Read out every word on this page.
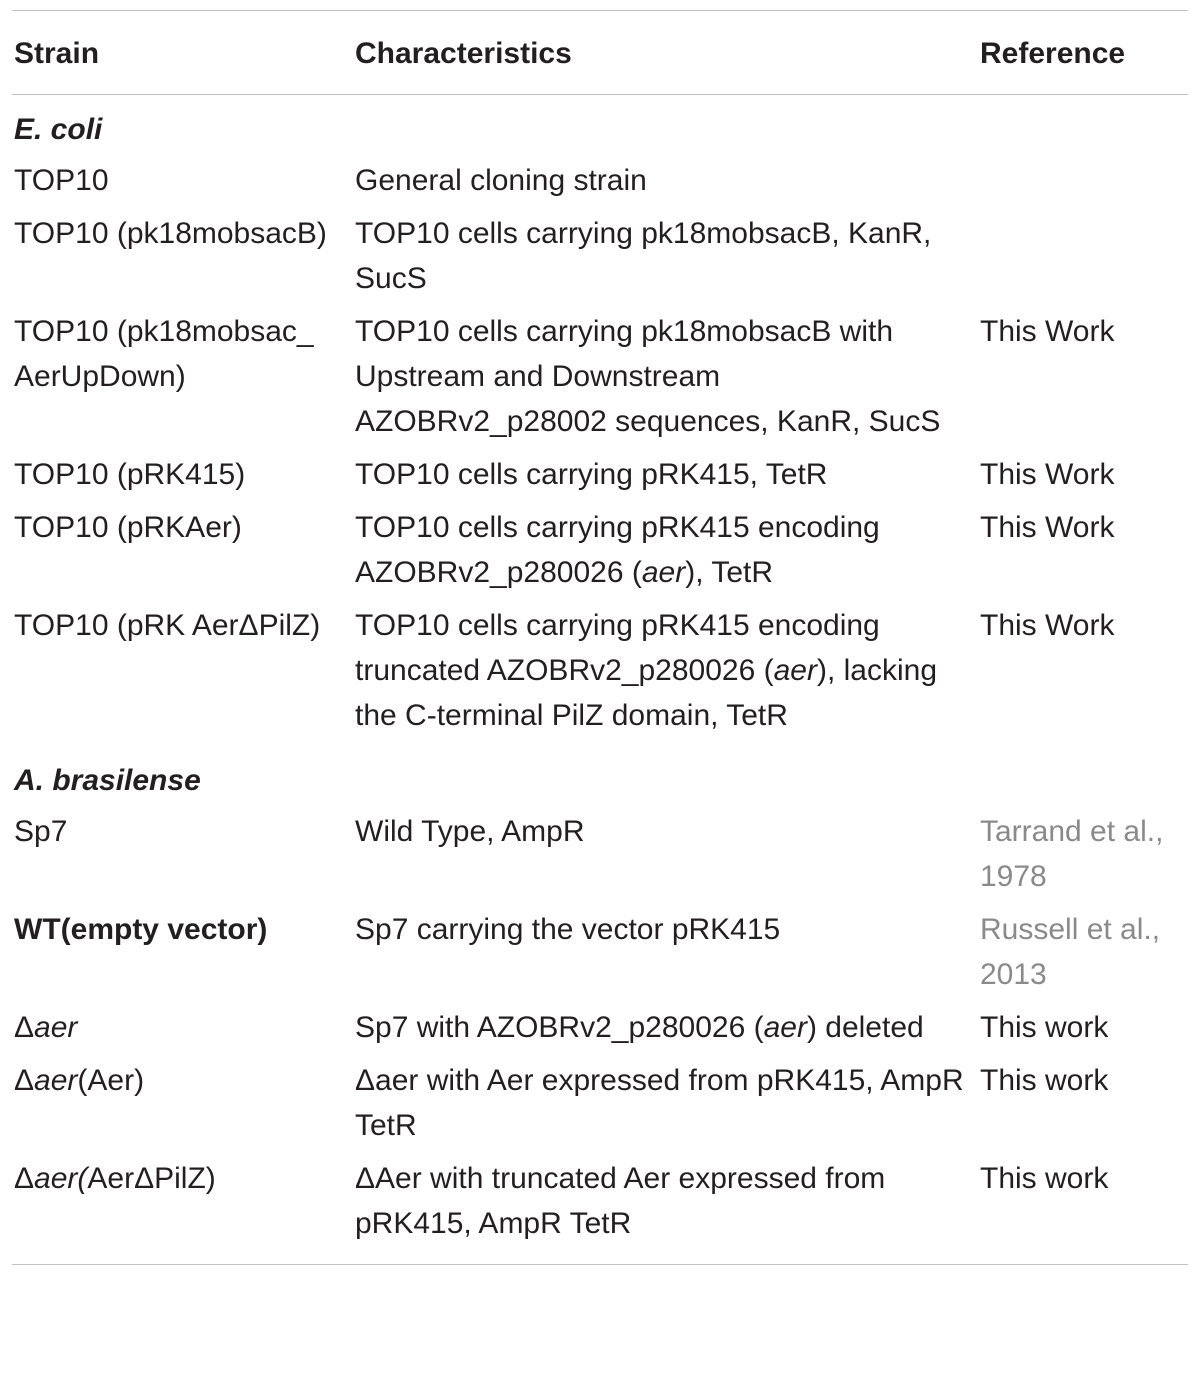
Strain	Characteristics	Reference
E. coli		
TOP10	General cloning strain	
TOP10 (pk18mobsacB)	TOP10 cells carrying pk18mobsacB, KanR, SucS	
TOP10 (pk18mobsac_ AerUpDown)	TOP10 cells carrying pk18mobsacB with Upstream and Downstream AZOBRv2_p28002 sequences, KanR, SucS	This Work
TOP10 (pRK415)	TOP10 cells carrying pRK415, TetR	This Work
TOP10 (pRKAer)	TOP10 cells carrying pRK415 encoding AZOBRv2_p280026 (aer), TetR	This Work
TOP10 (pRK AerΔPilZ)	TOP10 cells carrying pRK415 encoding truncated AZOBRv2_p280026 (aer), lacking the C-terminal PilZ domain, TetR	This Work
A. brasilense		
Sp7	Wild Type, AmpR	Tarrand et al., 1978
WT(empty vector)	Sp7 carrying the vector pRK415	Russell et al., 2013
Δaer	Sp7 with AZOBRv2_p280026 (aer) deleted	This work
Δaer(Aer)	Δaer with Aer expressed from pRK415, AmpR TetR	This work
Δaer(AerΔPilZ)	ΔAer with truncated Aer expressed from pRK415, AmpR TetR	This work
